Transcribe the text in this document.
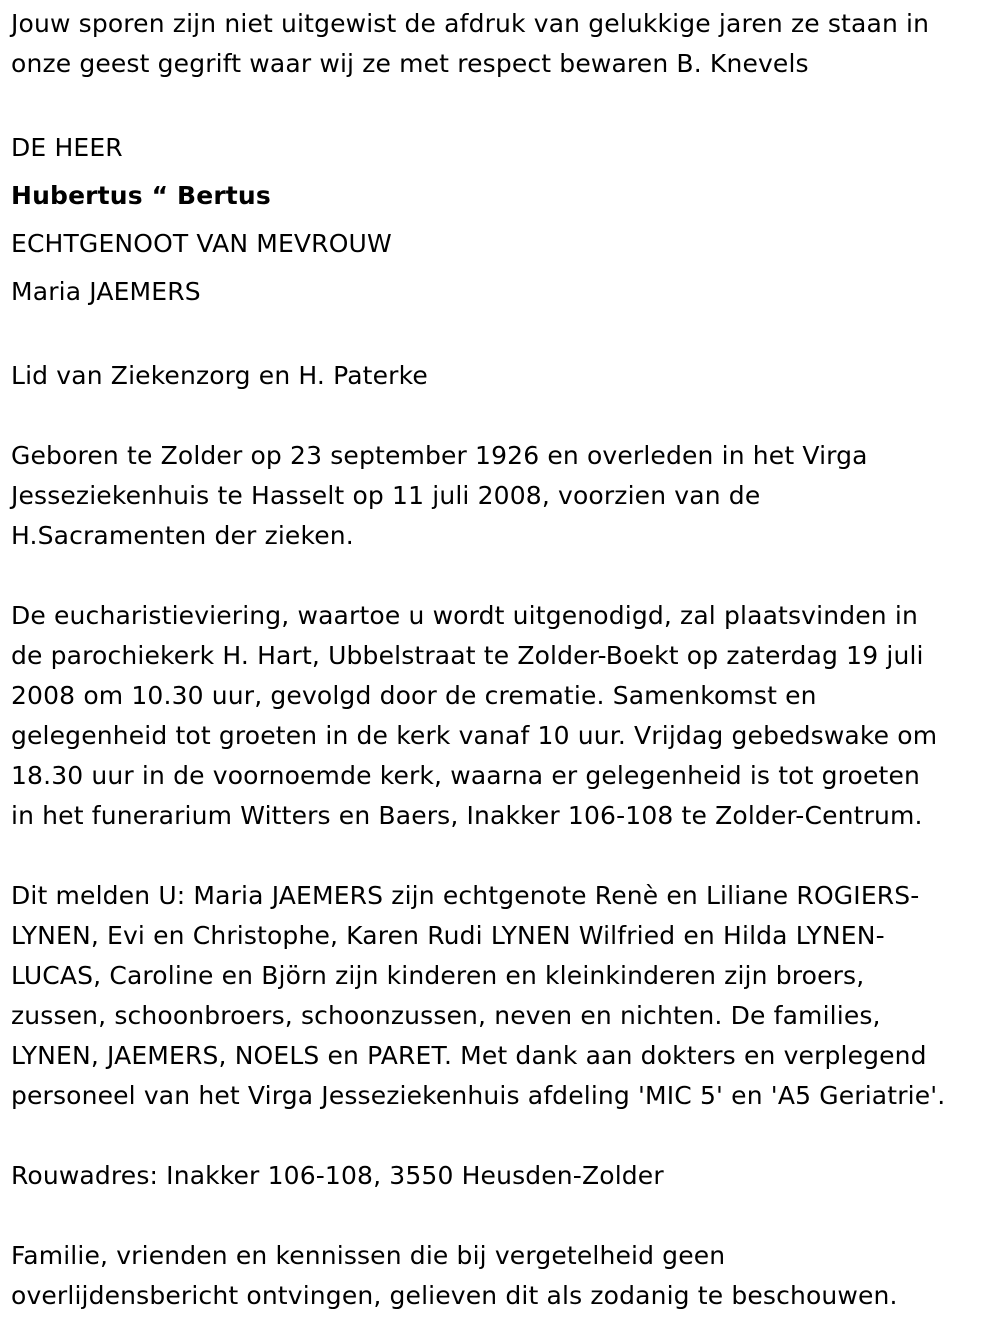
Jouw sporen zijn niet uitgewist de afdruk van gelukkige jaren ze staan in
onze geest gegrift waar wij ze met respect bewaren B. Knevels
DE HEER
Hubertus “ Bertus
ECHTGENOOT VAN MEVROUW
Maria JAEMERS
Lid van Ziekenzorg en H. Paterke
Geboren te Zolder op 23 september 1926 en overleden in het Virga
Jesseziekenhuis te Hasselt op 11 juli 2008, voorzien van de
H.Sacramenten der zieken.
De eucharistieviering, waartoe u wordt uitgenodigd, zal plaatsvinden in
de parochiekerk H. Hart, Ubbelstraat te Zolder-Boekt op zaterdag 19 juli
2008 om 10.30 uur, gevolgd door de crematie. Samenkomst en
gelegenheid tot groeten in de kerk vanaf 10 uur. Vrijdag gebedswake om
18.30 uur in de voornoemde kerk, waarna er gelegenheid is tot groeten
in het funerarium Witters en Baers, Inakker 106-108 te Zolder-Centrum.
Dit melden U: Maria JAEMERS zijn echtgenote Renè en Liliane ROGIERS-
LYNEN, Evi en Christophe, Karen Rudi LYNEN Wilfried en Hilda LYNEN-
LUCAS, Caroline en Björn zijn kinderen en kleinkinderen zijn broers,
zussen, schoonbroers, schoonzussen, neven en nichten. De families,
LYNEN, JAEMERS, NOELS en PARET. Met dank aan dokters en verplegend
personeel van het Virga Jesseziekenhuis afdeling 'MIC 5' en 'A5 Geriatrie'.
Rouwadres: Inakker 106-108, 3550 Heusden-Zolder
Familie, vrienden en kennissen die bij vergetelheid geen
overlijdensbericht ontvingen, gelieven dit als zodanig te beschouwen.
